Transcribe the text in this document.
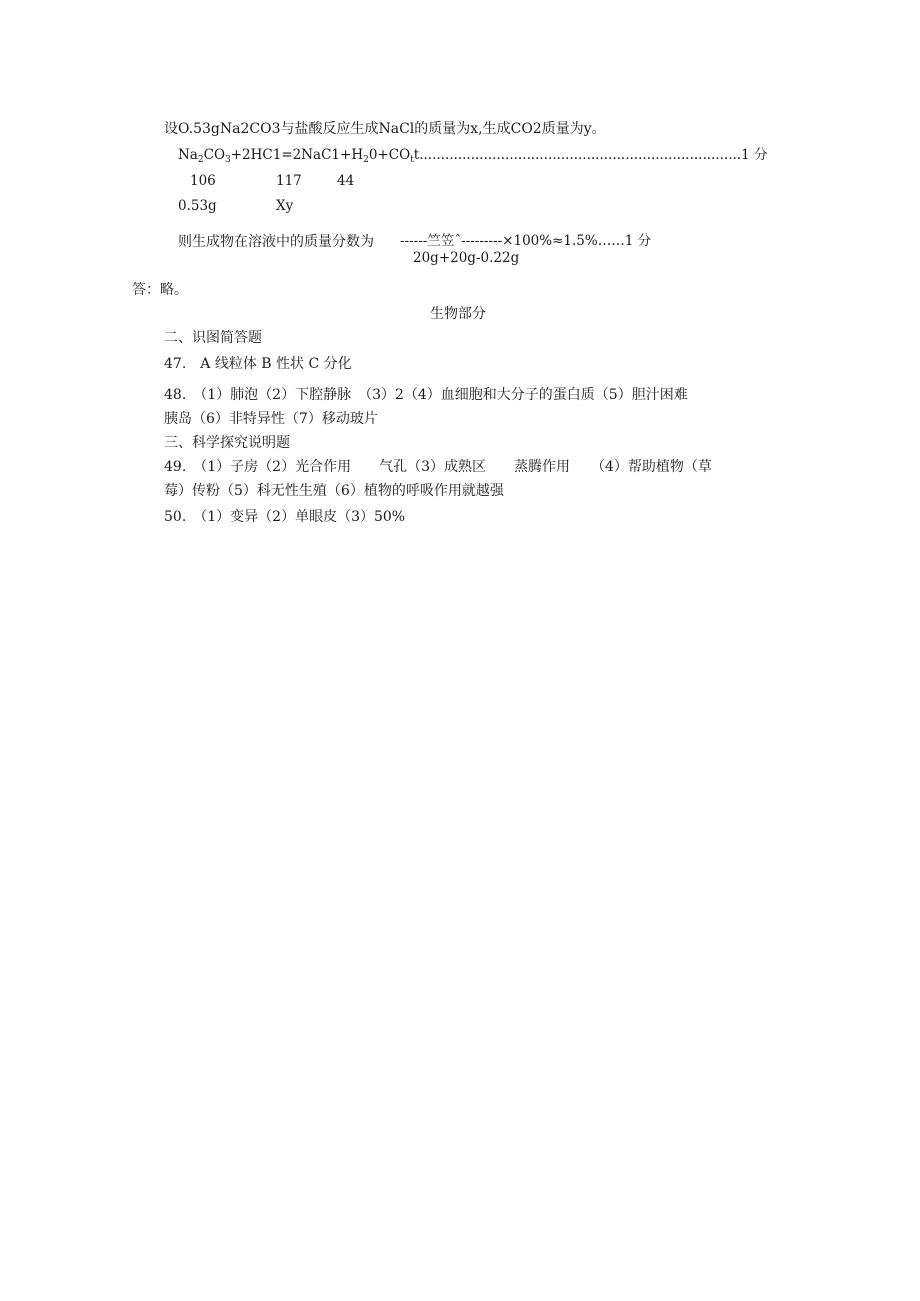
设O.53gNa2CO3与盐酸反应生成NaCl的质量为x,生成CO2质量为y。
$Na_2CO_3+2HC1=2NaC1+H_20+CO_tt...........................................................................1$ 分
106	117	44
0.53g	Xy
则生成物在溶液中的质量分数为 ------竺笠ˆ---------×100%≈1.5%……1 分
20g+20g-0.22g
答：略。
生物部分
二、识图简答题
47.　A 线粒体 B 性状 C 分化
48.　（1）肺泡（2）下腔静脉　（3）2（4）血细胞和大分子的蛋白质（5）胆汁困难
胰岛（6）非特异性（7）移动玻片
三、科学探究说明题
49.　（1）子房（2）光合作用　　气孔（3）成熟区　　蒸腾作用　　（4）帮助植物（草
莓）传粉（5）科无性生殖（6）植物的呼吸作用就越强
50.　（1）变异（2）单眼皮（3）50%
